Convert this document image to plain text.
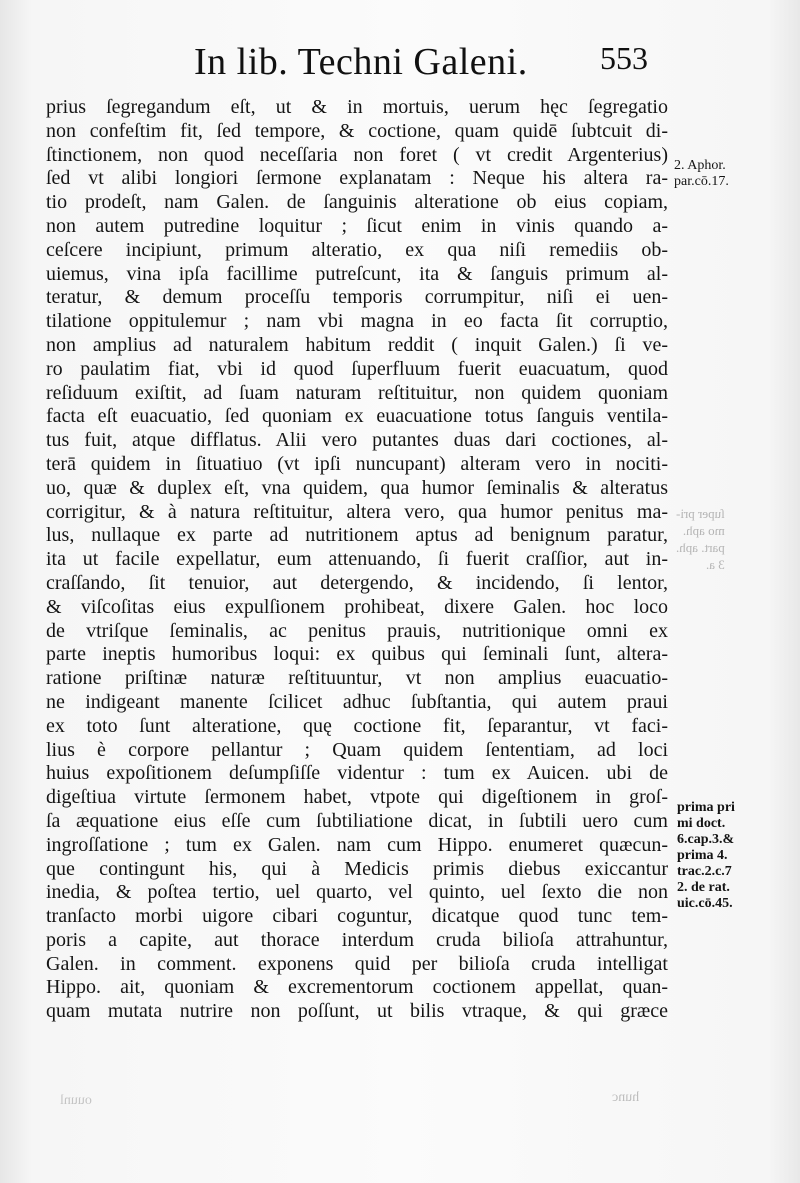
In lib. Techni Galeni. 553
prius ſegregandum eſt, ut & in mortuis, uerum hęc ſegregatio
non confeſtim fit, ſed tempore, & coctione, quam quidē ſubtcuit di-
ſtinctionem, non quod neceſſaria non foret ( vt credit Argenterius)
ſed vt alibi longiori ſermone explanatam : Neque his altera ra-
tio prodeſt, nam Galen. de ſanguinis alteratione ob eius copiam,
non autem putredine loquitur ; ſicut enim in vinis quando a-
ceſcere incipiunt, primum alteratio, ex qua niſi remediis ob-
uiemus, vina ipſa facillime putreſcunt, ita & ſanguis primum al-
teratur, & demum proceſſu temporis corrumpitur, niſi ei uen-
tilatione oppitulemur ; nam vbi magna in eo facta ſit corruptio,
non amplius ad naturalem habitum reddit ( inquit Galen.) ſi ve-
ro paulatim fiat, vbi id quod ſuperfluum fuerit euacuatum, quod
reſiduum exiſtit, ad ſuam naturam reſtituitur, non quidem quoniam
facta eſt euacuatio, ſed quoniam ex euacuatione totus ſanguis ventila-
tus fuit, atque difflatus. Alii vero putantes duas dari coctiones, al-
terā quidem in ſituatiuo (vt ipſi nuncupant) alteram vero in nociti-
uo, quæ & duplex eſt, vna quidem, qua humor ſeminalis & alteratus
corrigitur, & à natura reſtituitur, altera vero, qua humor penitus ma-
lus, nullaque ex parte ad nutritionem aptus ad benignum paratur,
ita ut facile expellatur, eum attenuando, ſi fuerit craſſior, aut in-
craſſando, ſit tenuior, aut detergendo, & incidendo, ſi lentor,
& viſcoſitas eius expulſionem prohibeat, dixere Galen. hoc loco
de vtriſque ſeminalis, ac penitus prauis, nutritionique omni ex
parte ineptis humoribus loqui: ex quibus qui ſeminali ſunt, altera-
ratione priſtinæ naturæ reſtituuntur, vt non amplius euacuatio-
ne indigeant manente ſcilicet adhuc ſubſtantia, qui autem praui
ex toto ſunt alteratione, quę coctione fit, ſeparantur, vt faci-
lius è corpore pellantur ; Quam quidem ſententiam, ad loci
huius expoſitionem deſumpſiſſe videntur : tum ex Auicen. ubi de
digeſtiua virtute ſermonem habet, vtpote qui digeſtionem in groſ-
ſa æquatione eius eſſe cum ſubtiliatione dicat, in ſubtili uero cum
ingroſſatione ; tum ex Galen. nam cum Hippo. enumeret quæcun-
que contingunt his, qui à Medicis primis diebus exiccantur
inedia, & poſtea tertio, uel quarto, vel quinto, uel ſexto die non
tranſacto morbi uigore cibari coguntur, dicatque quod tunc tem-
poris a capite, aut thorace interdum cruda bilioſa attrahuntur,
Galen. in comment. exponens quid per bilioſa cruda intelligat
Hippo. ait, quoniam & excrementorum coctionem appellat, quan-
quam mutata nutrire non poſſunt, ut bilis vtraque, & qui græce
2. Aphor.
par.cō.17.
prima pri
mi doct.
6.cap.3.&
prima 4.
trac.2.c.7
2. de rat.
uic.cō.45.
ſuper pri-
mo aph.
part. aph.
3 a.
hunc
ouunl
